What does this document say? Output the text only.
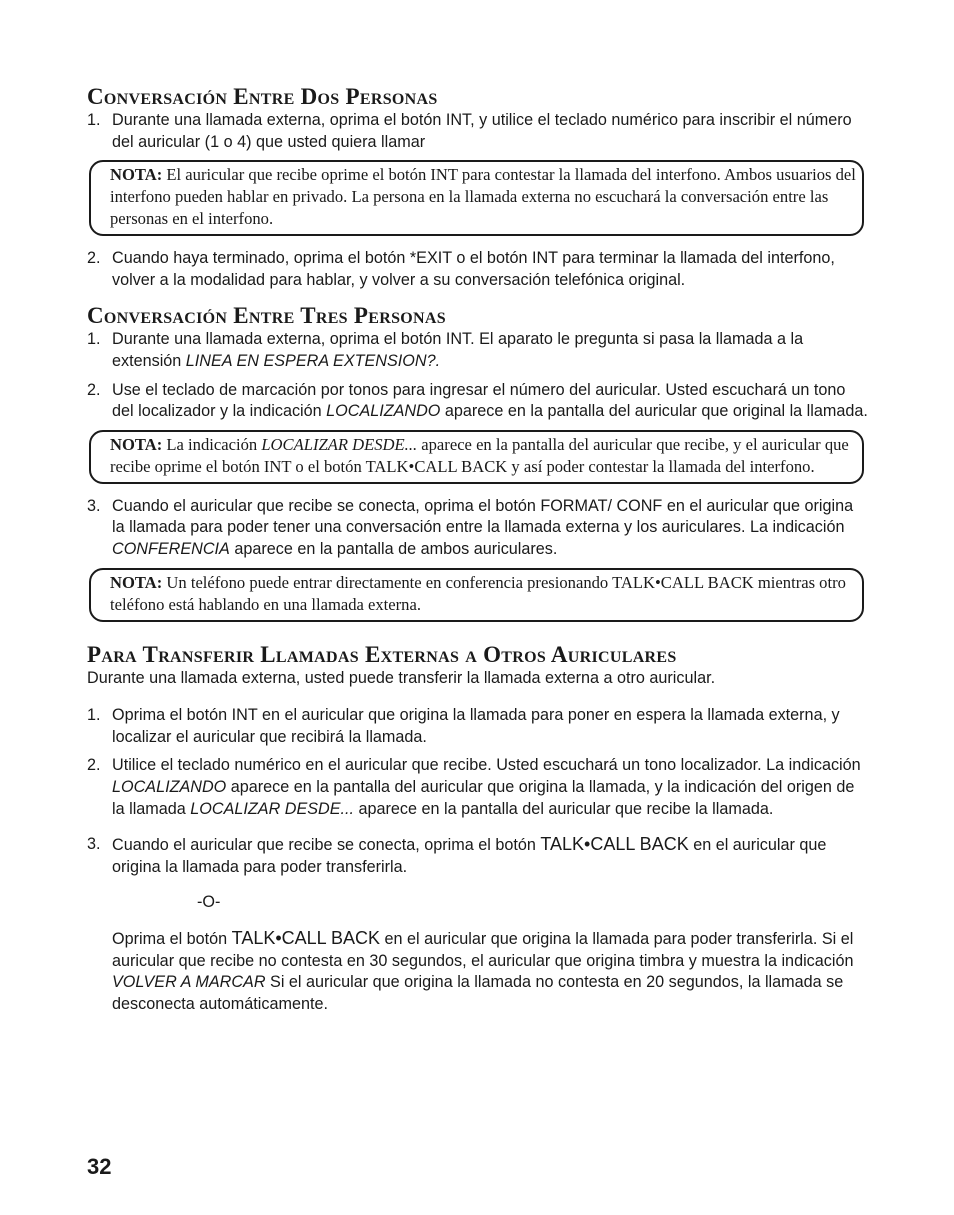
Conversación Entre Dos Personas
1. Durante una llamada externa, oprima el botón INT, y utilice el teclado numérico para inscribir el número del auricular (1 o 4) que usted quiera llamar
NOTA: El auricular que recibe oprime el botón INT para contestar la llamada del interfono. Ambos usuarios del interfono pueden hablar en privado. La persona en la llamada externa no escuchará la conversación entre las personas en el interfono.
2. Cuando haya terminado, oprima el botón *EXIT o el botón INT para terminar la llamada del interfono, volver a la modalidad para hablar, y volver a su conversación telefónica original.
Conversación Entre Tres Personas
1. Durante una llamada externa, oprima el botón INT. El aparato le pregunta si pasa la llamada a la extensión LINEA EN ESPERA EXTENSION?.
2. Use el teclado de marcación por tonos para ingresar el número del auricular. Usted escuchará un tono del localizador y la indicación LOCALIZANDO aparece en la pantalla del auricular que original la llamada.
NOTA: La indicación LOCALIZAR DESDE... aparece en la pantalla del auricular que recibe, y el auricular que recibe oprime el botón INT o el botón TALK•CALL BACK y así poder contestar la llamada del interfono.
3. Cuando el auricular que recibe se conecta, oprima el botón FORMAT/ CONF en el auricular que origina la llamada para poder tener una conversación entre la llamada externa y los auriculares. La indicación CONFERENCIA aparece en la pantalla de ambos auriculares.
NOTA: Un teléfono puede entrar directamente en conferencia presionando TALK•CALL BACK mientras otro teléfono está hablando en una llamada externa.
Para Transferir Llamadas Externas a Otros Auriculares

Durante una llamada externa, usted puede transferir la llamada externa a otro auricular.

1. Oprima el botón INT en el auricular que origina la llamada para poner en espera la llamada externa, y localizar el auricular que recibirá la llamada.
2. Utilice el teclado numérico en el auricular que recibe. Usted escuchará un tono localizador. La indicación LOCALIZANDO aparece en la pantalla del auricular que origina la llamada, y la indicación del origen de la llamada LOCALIZAR DESDE... aparece en la pantalla del auricular que recibe la llamada.
3. Cuando el auricular que recibe se conecta, oprima el botón TALK•CALL BACK en el auricular que origina la llamada para poder transferirla.
-O-

Oprima el botón TALK•CALL BACK en el auricular que origina la llamada para poder transferirla. Si el auricular que recibe no contesta en 30 segundos, el auricular que origina timbra y muestra la indicación VOLVER A MARCAR Si el auricular que origina la llamada no contesta en 20 segundos, la llamada se desconecta automáticamente.

32
